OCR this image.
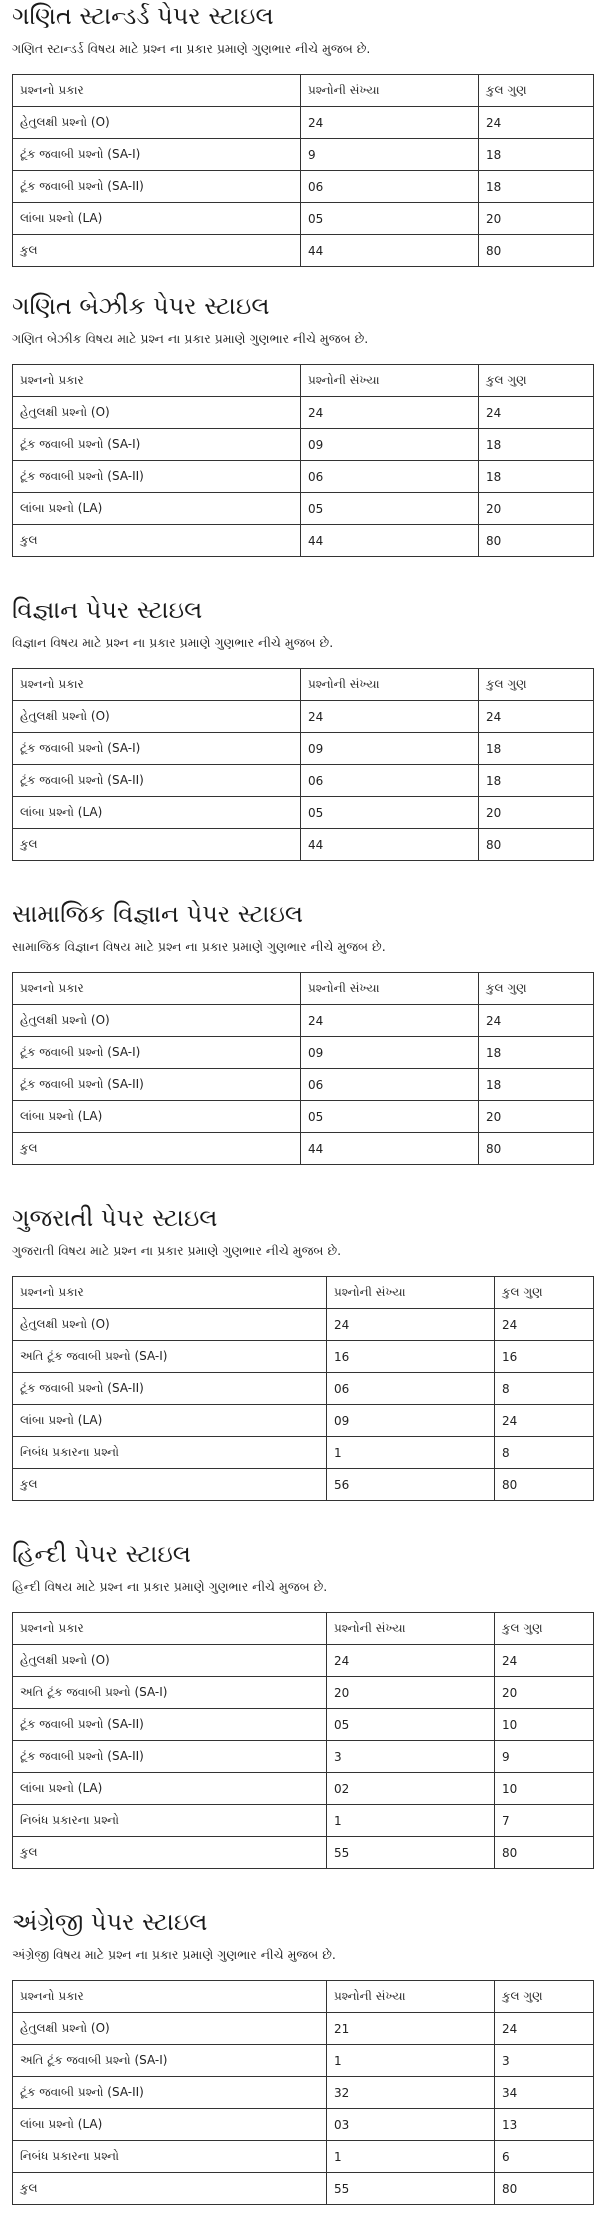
ગણિત સ્ટાન્ડર્ડ પેપર સ્ટાઇલ

ગણિત સ્ટાન્ડર્ડ વિષય માટે પ્રશ્ન ના પ્રકાર પ્રમાણે ગુણભાર નીચે મુજબ છે.

પ્રશ્નનો પ્રકાર	પ્રશ્નોની સંખ્યા	કુલ ગુણ
હેતુલક્ષી પ્રશ્નો (O)	24	24
ટૂંક જવાબી પ્રશ્નો (SA-I)	9	18
ટૂંક જવાબી પ્રશ્નો (SA-II)	06	18
લાંબા પ્રશ્નો (LA)	05	20
કુલ	44	80
ગણિત બેઝીક પેપર સ્ટાઇલ

ગણિત બેઝીક વિષય માટે પ્રશ્ન ના પ્રકાર પ્રમાણે ગુણભાર નીચે મુજબ છે.

પ્રશ્નનો પ્રકાર	પ્રશ્નોની સંખ્યા	કુલ ગુણ
હેતુલક્ષી પ્રશ્નો (O)	24	24
ટૂંક જવાબી પ્રશ્નો (SA-I)	09	18
ટૂંક જવાબી પ્રશ્નો (SA-II)	06	18
લાંબા પ્રશ્નો (LA)	05	20
કુલ	44	80
વિજ્ઞાન પેપર સ્ટાઇલ

વિજ્ઞાન વિષય માટે પ્રશ્ન ના પ્રકાર પ્રમાણે ગુણભાર નીચે મુજબ છે.

પ્રશ્નનો પ્રકાર	પ્રશ્નોની સંખ્યા	કુલ ગુણ
હેતુલક્ષી પ્રશ્નો (O)	24	24
ટૂંક જવાબી પ્રશ્નો (SA-I)	09	18
ટૂંક જવાબી પ્રશ્નો (SA-II)	06	18
લાંબા પ્રશ્નો (LA)	05	20
કુલ	44	80
સામાજિક વિજ્ઞાન પેપર સ્ટાઇલ

સામાજિક વિજ્ઞાન વિષય માટે પ્રશ્ન ના પ્રકાર પ્રમાણે ગુણભાર નીચે મુજબ છે.

પ્રશ્નનો પ્રકાર	પ્રશ્નોની સંખ્યા	કુલ ગુણ
હેતુલક્ષી પ્રશ્નો (O)	24	24
ટૂંક જવાબી પ્રશ્નો (SA-I)	09	18
ટૂંક જવાબી પ્રશ્નો (SA-II)	06	18
લાંબા પ્રશ્નો (LA)	05	20
કુલ	44	80
ગુજરાતી પેપર સ્ટાઇલ

ગુજરાતી વિષય માટે પ્રશ્ન ના પ્રકાર પ્રમાણે ગુણભાર નીચે મુજબ છે.

પ્રશ્નનો પ્રકાર	પ્રશ્નોની સંખ્યા	કુલ ગુણ
હેતુલક્ષી પ્રશ્નો (O)	24	24
અતિ ટૂંક જવાબી પ્રશ્નો (SA-I)	16	16
ટૂંક જવાબી પ્રશ્નો (SA-II)	06	8
લાંબા પ્રશ્નો (LA)	09	24
નિબંધ પ્રકારના પ્રશ્નો	1	8
કુલ	56	80
હિન્દી પેપર સ્ટાઇલ

હિન્દી વિષય માટે પ્રશ્ન ના પ્રકાર પ્રમાણે ગુણભાર નીચે મુજબ છે.

પ્રશ્નનો પ્રકાર	પ્રશ્નોની સંખ્યા	કુલ ગુણ
હેતુલક્ષી પ્રશ્નો (O)	24	24
અતિ ટૂંક જવાબી પ્રશ્નો (SA-I)	20	20
ટૂંક જવાબી પ્રશ્નો (SA-II)	05	10
ટૂંક જવાબી પ્રશ્નો (SA-II)	3	9
લાંબા પ્રશ્નો (LA)	02	10
નિબંધ પ્રકારના પ્રશ્નો	1	7
કુલ	55	80
અંગ્રેજી પેપર સ્ટાઇલ

અંગ્રેજી વિષય માટે પ્રશ્ન ના પ્રકાર પ્રમાણે ગુણભાર નીચે મુજબ છે.

પ્રશ્નનો પ્રકાર	પ્રશ્નોની સંખ્યા	કુલ ગુણ
હેતુલક્ષી પ્રશ્નો (O)	21	24
અતિ ટૂંક જવાબી પ્રશ્નો (SA-I)	1	3
ટૂંક જવાબી પ્રશ્નો (SA-II)	32	34
લાંબા પ્રશ્નો (LA)	03	13
નિબંધ પ્રકારના પ્રશ્નો	1	6
કુલ	55	80
